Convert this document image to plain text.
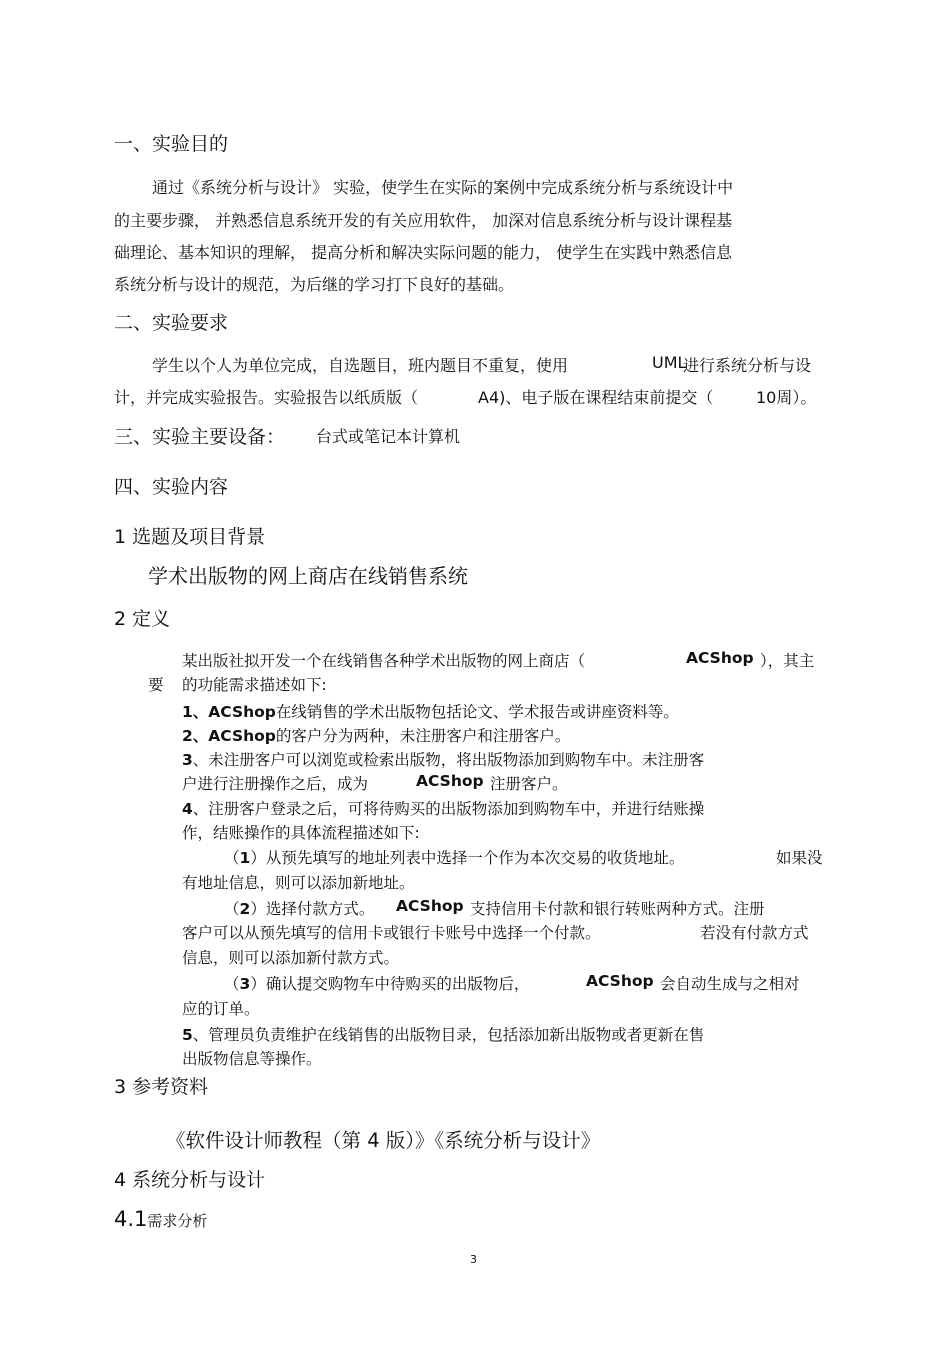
一、实验目的
通过《系统分析与设计》 实验，使学生在实际的案例中完成系统分析与系统设计中
的主要步骤， 并熟悉信息系统开发的有关应用软件， 加深对信息系统分析与设计课程基
础理论、基本知识的理解， 提高分析和解决实际问题的能力， 使学生在实践中熟悉信息
系统分析与设计的规范，为后继的学习打下良好的基础。
二、实验要求
学生以个人为单位完成，自选题目，班内题目不重复，使用	UML
进行系统分析与设
计，并完成实验报告。实验报告以纸质版（	A4)、电子版在课程结束前提交（	10周）。
三、实验主要设备： 台式或笔记本计算机
四、实验内容
1 选题及项目背景
学术出版物的网上商店在线销售系统
2 定义
某出版社拟开发一个在线销售各种学术出版物的网上商店（	ACShop ），其主
要 的功能需求描述如下:
1、ACShop在线销售的学术出版物包括论文、学术报告或讲座资料等。
2、ACShop的客户分为两种，未注册客户和注册客户。
3、未注册客户可以浏览或检索出版物，将出版物添加到购物车中。未注册客
户进行注册操作之后，成为	ACShop 注册客户。
4、注册客户登录之后，可将待购买的出版物添加到购物车中，并进行结账操
作，结账操作的具体流程描述如下:
（1）从预先填写的地址列表中选择一个作为本次交易的收货地址。	如果没
有地址信息，则可以添加新地址。
（2）选择付款方式。 ACShop 支持信用卡付款和银行转账两种方式。注册
客户可以从预先填写的信用卡或银行卡账号中选择一个付款。	若没有付款方式
信息，则可以添加新付款方式。
（3）确认提交购物车中待购买的出版物后，	ACShop 会自动生成与之相对
应的订单。
5、管理员负责维护在线销售的出版物目录，包括添加新出版物或者更新在售
出版物信息等操作。
3 参考资料
《软件设计师教程（第 4 版）》《系统分析与设计》
4 系统分析与设计
4.1需求分析
3
